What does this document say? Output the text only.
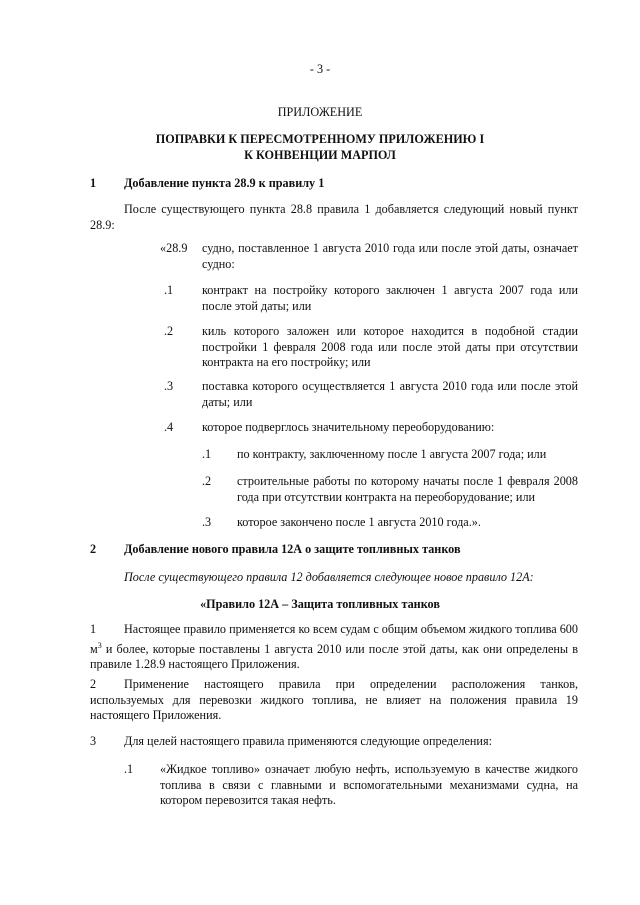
- 3 -
ПРИЛОЖЕНИЕ
ПОПРАВКИ К ПЕРЕСМОТРЕННОМУ ПРИЛОЖЕНИЮ I
К КОНВЕНЦИИ МАРПОЛ
1 Добавление пункта 28.9 к правилу 1

После существующего пункта 28.8 правила 1 добавляется следующий новый пункт 28.9:

«28.9 судно, поставленное 1 августа 2010 года или после этой даты, означает судно:

.1 контракт на постройку которого заключен 1 августа 2007 года или после этой даты; или

.2 киль которого заложен или которое находится в подобной стадии постройки 1 февраля 2008 года или после этой даты при отсутствии контракта на его постройку; или

.3 поставка которого осуществляется 1 августа 2010 года или после этой даты; или

.4 которое подверглось значительному переоборудованию:

.1 по контракту, заключенному после 1 августа 2007 года; или

.2 строительные работы по которому начаты после 1 февраля 2008 года при отсутствии контракта на переоборудование; или

.3 которое закончено после 1 августа 2010 года.».

2 Добавление нового правила 12А о защите топливных танков
После существующего правила 12 добавляется следующее новое правило 12А:
«Правило 12А – Защита топливных танков
1	Настоящее правило применяется ко всем судам с общим объемом жидкого топлива 600 $м^3$ и более, которые поставлены 1 августа 2010 или после этой даты, как они определены в правиле 1.28.9 настоящего Приложения.

2	Применение настоящего правила при определении расположения танков, используемых для перевозки жидкого топлива, не влияет на положения правила 19 настоящего Приложения.

3 Для целей настоящего правила применяются следующие определения:
.1 «Жидкое топливо» означает любую нефть, используемую в качестве жидкого топлива в связи с главными и вспомогательными механизмами судна, на котором перевозится такая нефть.
